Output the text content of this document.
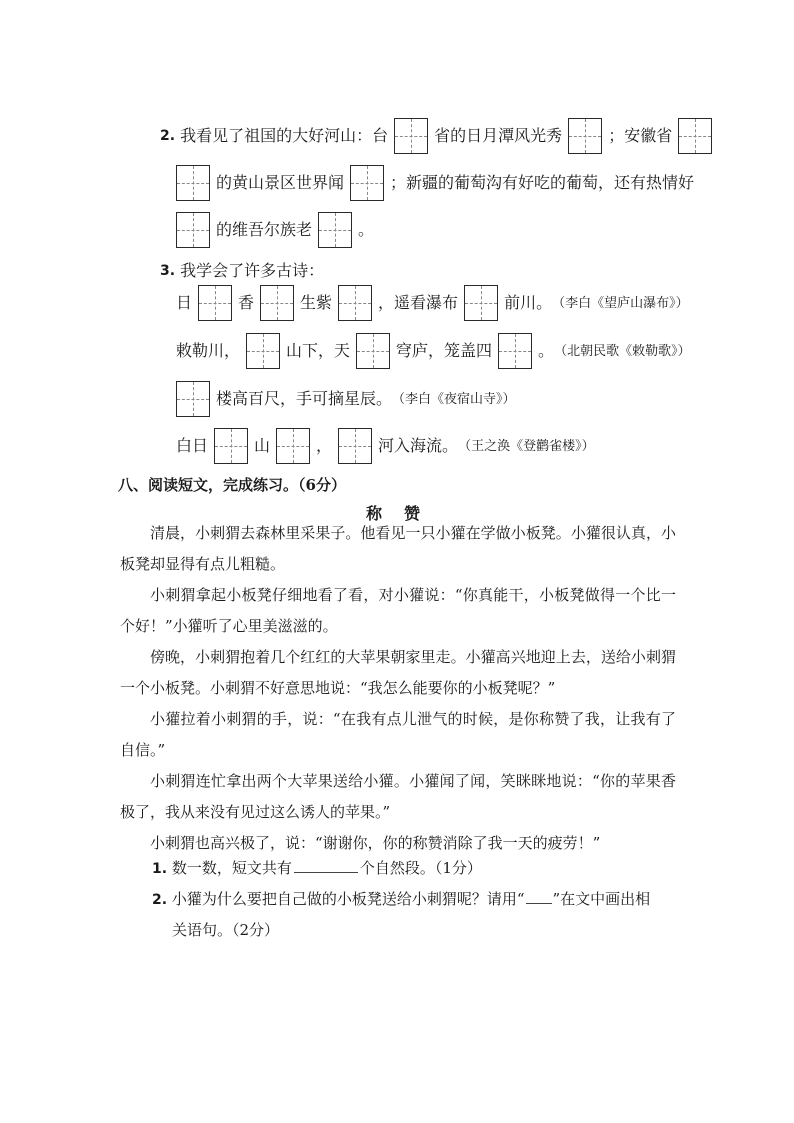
2. 我看见了祖国的大好河山：台	省的日月潭风光秀	；安徽省
的黄山景区世界闻	；新疆的葡萄沟有好吃的葡萄，还有热情好
的维吾尔族老	。
3. 我学会了许多古诗：
日	香	生紫	，遥看瀑布	前川。（李白《望庐山瀑布》）
敕勒川，	山下，天	穹庐，笼盖四	。（北朝民歌《敕勒歌》）
楼高百尺，手可摘星辰。（李白《夜宿山寺》）
白日	山	，	河入海流。（王之涣《登鹳雀楼》）
八、阅读短文，完成练习。（6分）
称赞
清晨，小刺猬去森林里采果子。他看见一只小獾在学做小板凳。小獾很认真，小板凳却显得有点儿粗糙。
小刺猬拿起小板凳仔细地看了看，对小獾说：“你真能干，小板凳做得一个比一个好！”小獾听了心里美滋滋的。
傍晚，小刺猬抱着几个红红的大苹果朝家里走。小獾高兴地迎上去，送给小刺猬一个小板凳。小刺猬不好意思地说：“我怎么能要你的小板凳呢？”
小獾拉着小刺猬的手，说：“在我有点儿泄气的时候，是你称赞了我，让我有了自信。”
小刺猬连忙拿出两个大苹果送给小獾。小獾闻了闻，笑眯眯地说：“你的苹果香极了，我从来没有见过这么诱人的苹果。”
小刺猬也高兴极了，说：“谢谢你，你的称赞消除了我一天的疲劳！”
1. 数一数，短文共有	个自然段。（1分）
2. 小獾为什么要把自己做的小板凳送给小刺猬呢？请用“ ”在文中画出相
关语句。（2分）
